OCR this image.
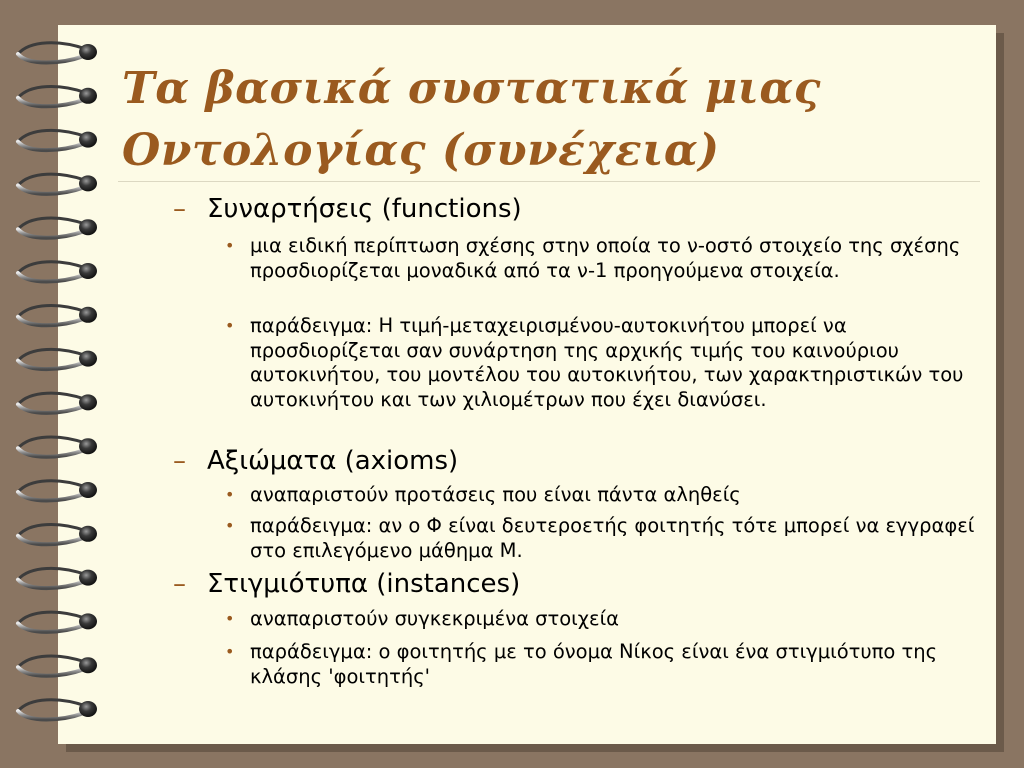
Τα βασικά συστατικά μιας
Οντολογίας (συνέχεια)
– Συναρτήσεις (functions)
• μια ειδική περίπτωση σχέσης στην οποία το ν-οστό στοιχείο της σχέσης προσδιορίζεται μοναδικά από τα ν-1 προηγούμενα στοιχεία.
• παράδειγμα: Η τιμή-μεταχειρισμένου-αυτοκινήτου μπορεί να προσδιορίζεται σαν συνάρτηση της αρχικής τιμής του καινούριου αυτοκινήτου, του μοντέλου του αυτοκινήτου, των χαρακτηριστικών του αυτοκινήτου και των χιλιομέτρων που έχει διανύσει.
– Αξιώματα (axioms)
• αναπαριστούν προτάσεις που είναι πάντα αληθείς
• παράδειγμα: αν ο Φ είναι δευτεροετής φοιτητής τότε μπορεί να εγγραφεί στο επιλεγόμενο μάθημα Μ.
– Στιγμιότυπα (instances)
• αναπαριστούν συγκεκριμένα στοιχεία
• παράδειγμα: ο φοιτητής με το όνομα Νίκος είναι ένα στιγμιότυπο της κλάσης 'φοιτητής'
